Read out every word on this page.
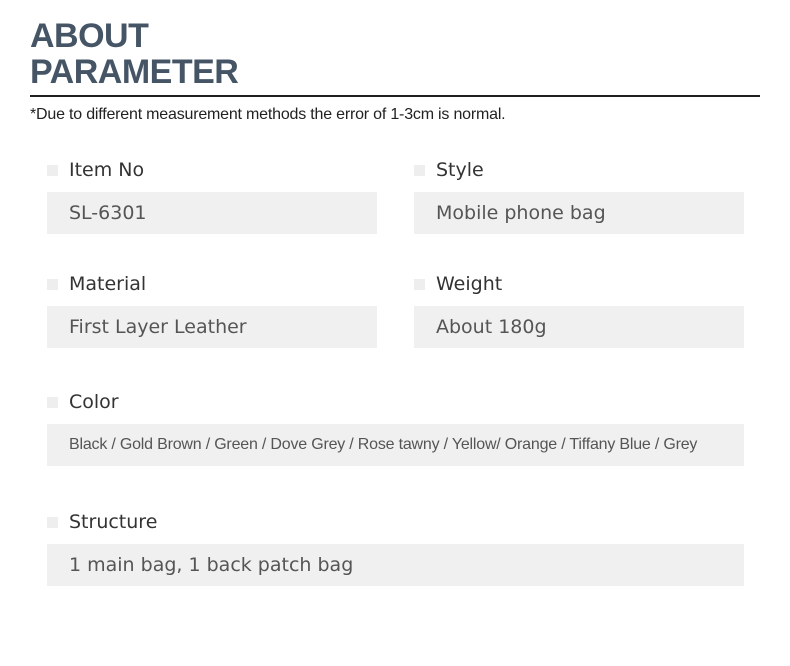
ABOUT
PARAMETER
*Due to different measurement methods the error of 1-3cm is normal.
Item No
SL-6301
Style
Mobile phone bag
Material
First Layer Leather
Weight
About 180g
Color
Black / Gold Brown / Green / Dove Grey / Rose tawny / Yellow/ Orange / Tiffany Blue / Grey
Structure
1 main bag, 1 back patch bag
